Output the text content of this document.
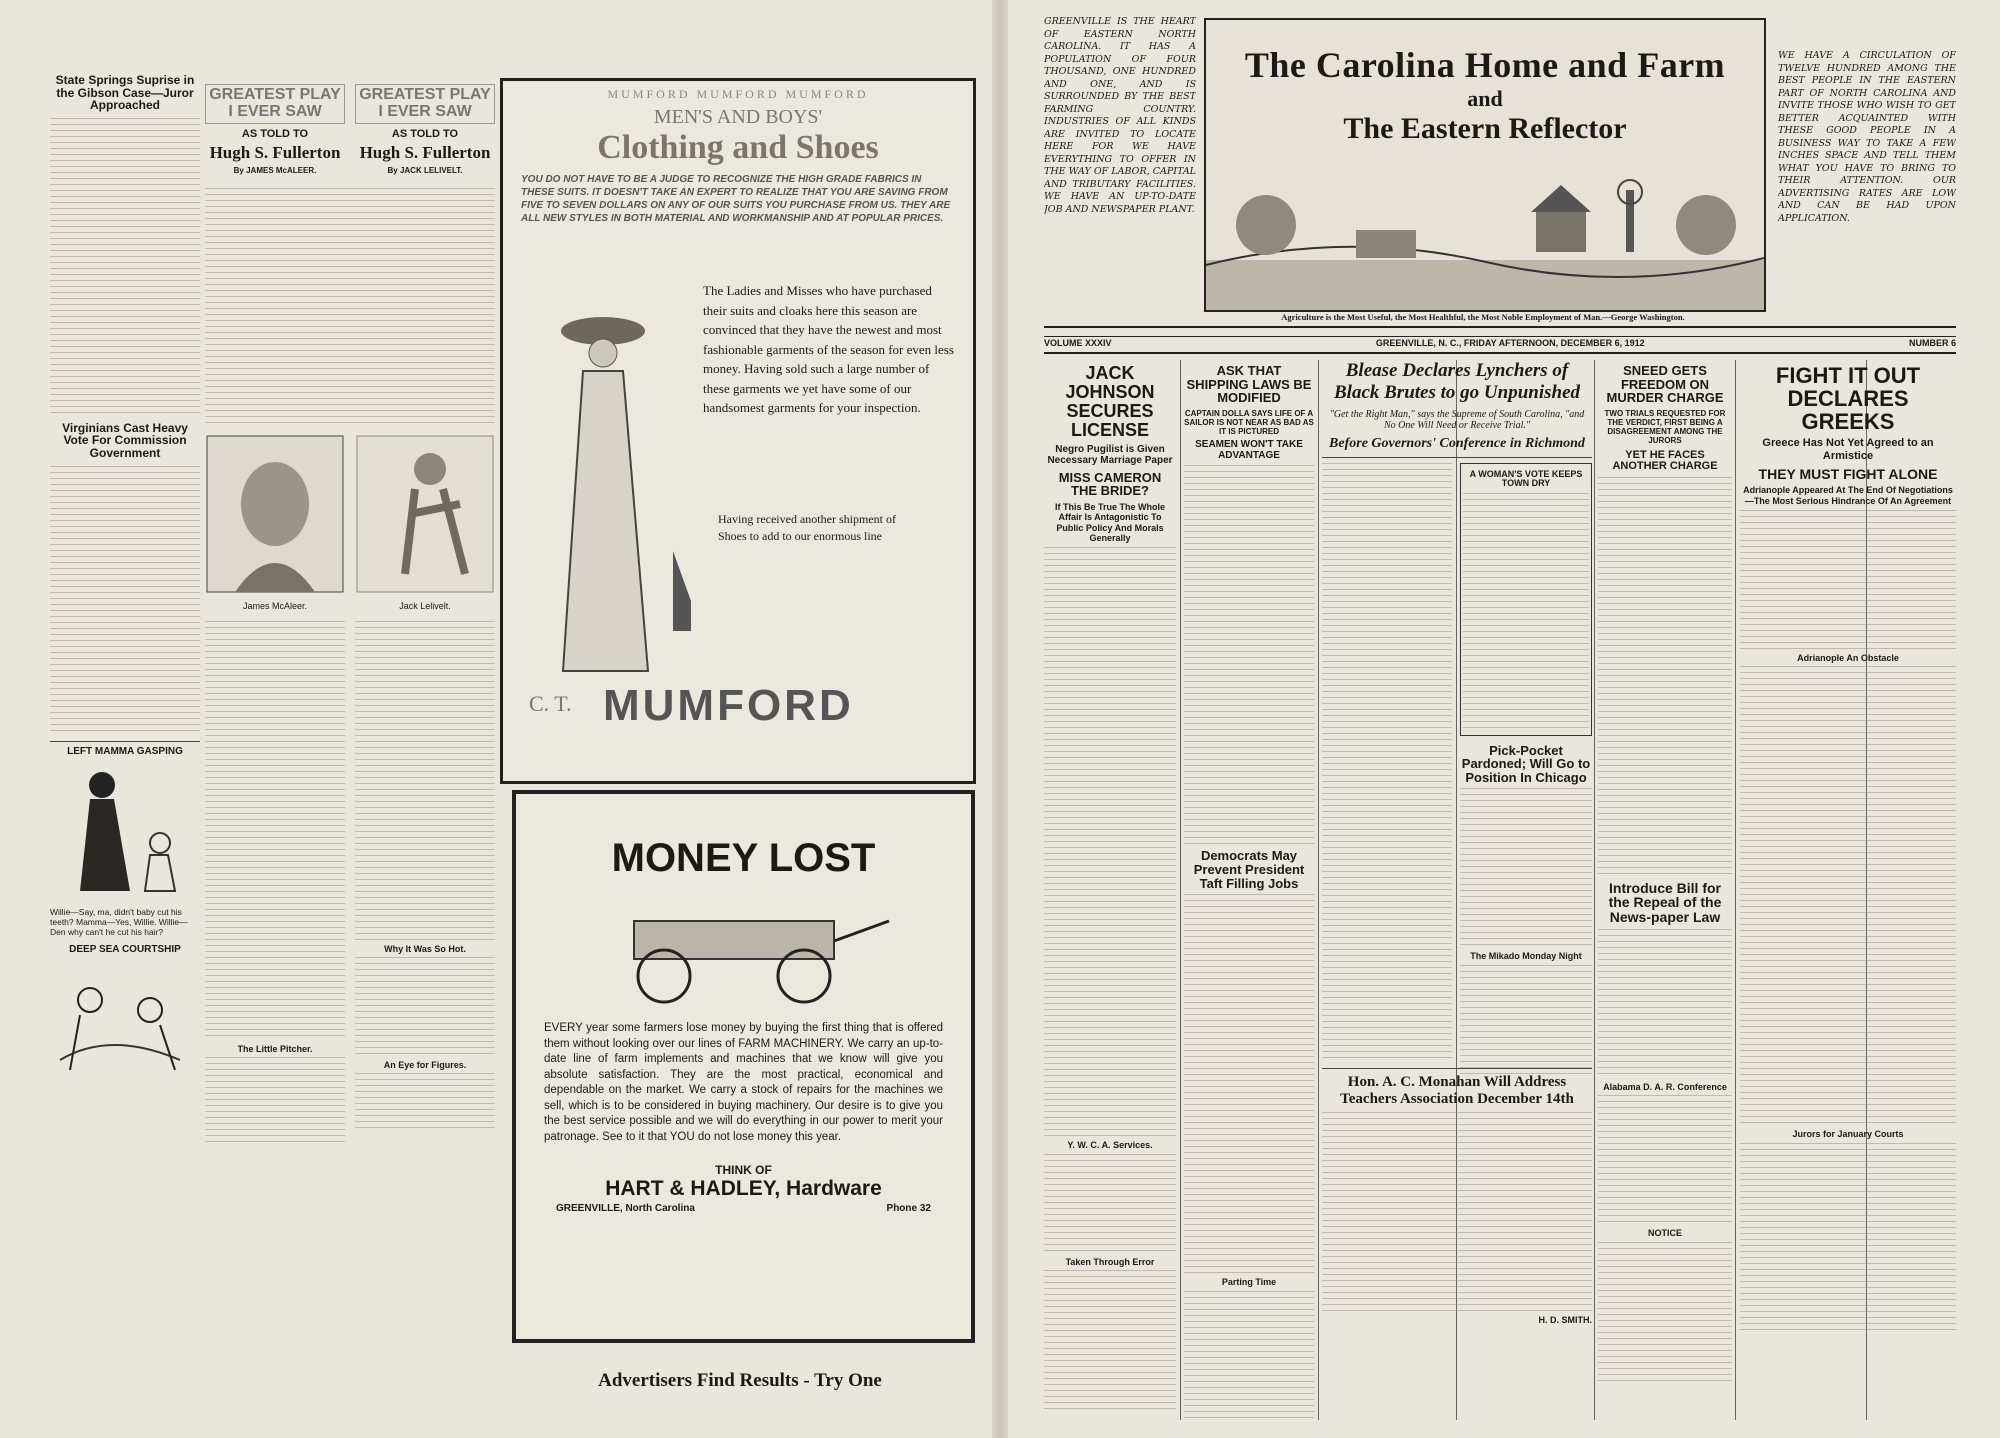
State Springs Suprise in the Gibson Case—Juror Approached
Virginians Cast Heavy Vote For Commission Government
LEFT MAMMA GASPING
Willie—Say, ma, didn't baby cut his teeth? Mamma—Yes, Willie. Willie—Den why can't he cut his hair?
DEEP SEA COURTSHIP
GREATEST PLAY I EVER SAW
AS TOLD TO
Hugh S. Fullerton
By JAMES McALEER.
GREATEST PLAY I EVER SAW
AS TOLD TO
Hugh S. Fullerton
By JACK LELIVELT.
James McAleer.	Jack Lelivelt.
The Little Pitcher.
Why It Was So Hot.
An Eye for Figures.
MUMFORD MUMFORD MUMFORD
MEN'S AND BOYS'
Clothing and Shoes
YOU DO NOT HAVE TO BE A JUDGE TO RECOGNIZE THE HIGH GRADE FABRICS IN THESE SUITS. IT DOESN'T TAKE AN EXPERT TO REALIZE THAT YOU ARE SAVING FROM FIVE TO SEVEN DOLLARS ON ANY OF OUR SUITS YOU PURCHASE FROM US. THEY ARE ALL NEW STYLES IN BOTH MATERIAL AND WORKMANSHIP AND AT POPULAR PRICES.
The Ladies and Misses who have purchased their suits and cloaks here this season are convinced that they have the newest and most fashionable garments of the season for even less money. Having sold such a large number of these garments we yet have some of our handsomest garments for your inspection.
Having received another shipment of Shoes to add to our enormous line
C. T. MUMFORD
MONEY LOST
EVERY year some farmers lose money by buying the first thing that is offered them without looking over our lines of FARM MACHINERY. We carry an up-to-date line of farm implements and machines that we know will give you absolute satisfaction. They are the most practical, economical and dependable on the market. We carry a stock of repairs for the machines we sell, which is to be considered in buying machinery. Our desire is to give you the best service possible and we will do everything in our power to merit your patronage. See to it that YOU do not lose money this year.
THINK OF
HART & HADLEY, Hardware
GREENVILLE, North Carolina	Phone 32
Advertisers Find Results - Try One
GREENVILLE IS THE HEART OF EASTERN NORTH CAROLINA. IT HAS A POPULATION OF FOUR THOUSAND, ONE HUNDRED AND ONE, AND IS SURROUNDED BY THE BEST FARMING COUNTRY. INDUSTRIES OF ALL KINDS ARE INVITED TO LOCATE HERE FOR WE HAVE EVERYTHING TO OFFER IN THE WAY OF LABOR, CAPITAL AND TRIBUTARY FACILITIES. WE HAVE AN UP-TO-DATE JOB AND NEWSPAPER PLANT.
WE HAVE A CIRCULATION OF TWELVE HUNDRED AMONG THE BEST PEOPLE IN THE EASTERN PART OF NORTH CAROLINA AND INVITE THOSE WHO WISH TO GET BETTER ACQUAINTED WITH THESE GOOD PEOPLE IN A BUSINESS WAY TO TAKE A FEW INCHES SPACE AND TELL THEM WHAT YOU HAVE TO BRING TO THEIR ATTENTION. OUR ADVERTISING RATES ARE LOW AND CAN BE HAD UPON APPLICATION.
The Carolina Home and Farm
and
The Eastern Reflector
Agriculture is the Most Useful, the Most Healthful, the Most Noble Employment of Man.—George Washington.
VOLUME XXXIV	GREENVILLE, N. C., FRIDAY AFTERNOON, DECEMBER 6, 1912	NUMBER 6
JACK JOHNSON SECURES LICENSE
Negro Pugilist is Given Necessary Marriage Paper
MISS CAMERON THE BRIDE?
If This Be True The Whole Affair Is Antagonistic To Public Policy And Morals Generally
Y. W. C. A. Services.
Taken Through Error
ASK THAT SHIPPING LAWS BE MODIFIED
CAPTAIN DOLLA SAYS LIFE OF A SAILOR IS NOT NEAR AS BAD AS IT IS PICTURED
SEAMEN WON'T TAKE ADVANTAGE
Democrats May Prevent President Taft Filling Jobs
Parting Time
Blease Declares Lynchers of Black Brutes to go Unpunished
"Get the Right Man," says the Supreme of South Carolina, "and No One Will Need or Receive Trial."
Before Governors' Conference in Richmond
A WOMAN'S VOTE KEEPS TOWN DRY
Pick-Pocket Pardoned; Will Go to Position In Chicago
The Mikado Monday Night
Hon. A. C. Monahan Will Address Teachers Association December 14th
H. D. SMITH.
SNEED GETS FREEDOM ON MURDER CHARGE
TWO TRIALS REQUESTED FOR THE VERDICT, FIRST BEING A DISAGREEMENT AMONG THE JURORS
YET HE FACES ANOTHER CHARGE
Introduce Bill for the Repeal of the News-paper Law
Alabama D. A. R. Conference
NOTICE
FIGHT IT OUT DECLARES GREEKS
Greece Has Not Yet Agreed to an Armistice
THEY MUST FIGHT ALONE
Adrianople Appeared At The End Of Negotiations—The Most Serious Hindrance Of An Agreement
Adrianople An Obstacle
Jurors for January Courts
